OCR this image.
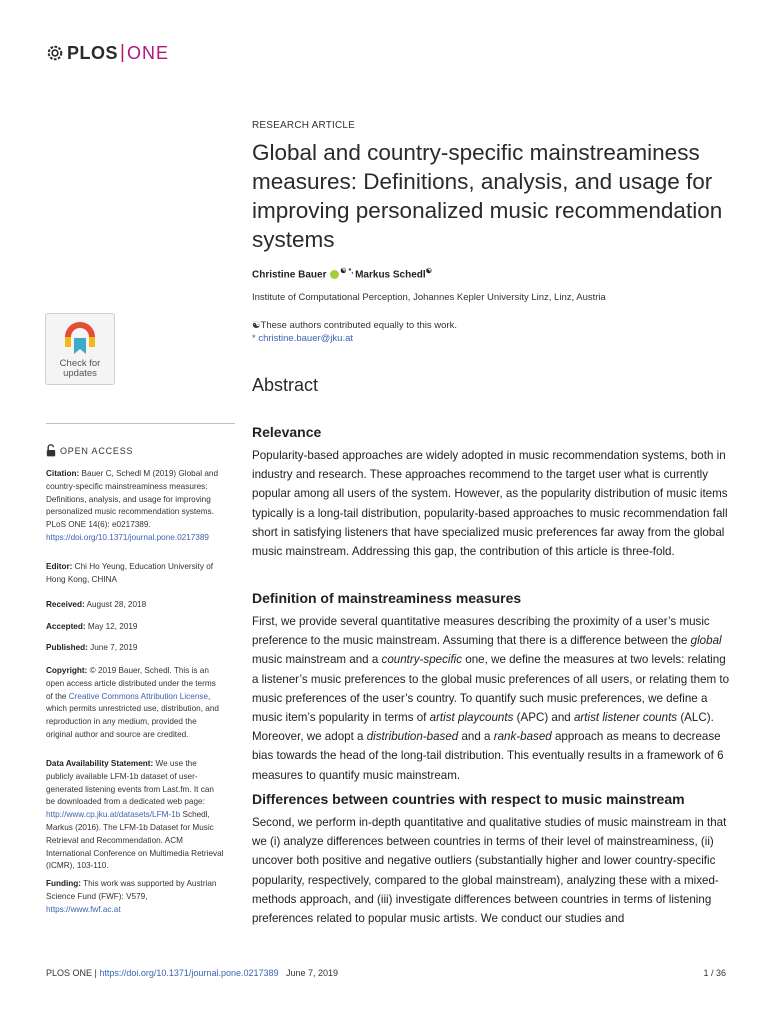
PLOS | ONE
RESEARCH ARTICLE
Global and country-specific mainstreaminess measures: Definitions, analysis, and usage for improving personalized music recommendation systems
Christine Bauer ☯ *, Markus Schedl☯
Institute of Computational Perception, Johannes Kepler University Linz, Linz, Austria
☯These authors contributed equally to this work.
* christine.bauer@jku.at
Check for
updates
OPEN ACCESS
Citation: Bauer C, Schedl M (2019) Global and country-specific mainstreaminess measures: Definitions, analysis, and usage for improving personalized music recommendation systems. PLoS ONE 14(6): e0217389. https://doi.org/10.1371/journal.pone.0217389
Editor: Chi Ho Yeung, Education University of Hong Kong, CHINA
Received: August 28, 2018
Accepted: May 12, 2019
Published: June 7, 2019
Copyright: © 2019 Bauer, Schedl. This is an open access article distributed under the terms of the Creative Commons Attribution License, which permits unrestricted use, distribution, and reproduction in any medium, provided the original author and source are credited.
Data Availability Statement: We use the publicly available LFM-1b dataset of user-generated listening events from Last.fm. It can be downloaded from a dedicated web page: http://www.cp.jku.at/datasets/LFM-1b Schedl, Markus (2016). The LFM-1b Dataset for Music Retrieval and Recommendation. ACM International Conference on Multimedia Retrieval (ICMR), 103-110.
Funding: This work was supported by Austrian Science Fund (FWF): V579, https://www.fwf.ac.at
Abstract
Relevance

Popularity-based approaches are widely adopted in music recommendation systems, both in industry and research. These approaches recommend to the target user what is currently popular among all users of the system. However, as the popularity distribution of music items typically is a long-tail distribution, popularity-based approaches to music recommendation fall short in satisfying listeners that have specialized music preferences far away from the global music mainstream. Addressing this gap, the contribution of this article is three-fold.

Definition of mainstreaminess measures

First, we provide several quantitative measures describing the proximity of a user’s music preference to the music mainstream. Assuming that there is a difference between the global music mainstream and a country-specific one, we define the measures at two levels: relating a listener’s music preferences to the global music preferences of all users, or relating them to music preferences of the user’s country. To quantify such music preferences, we define a music item’s popularity in terms of artist playcounts (APC) and artist listener counts (ALC). Moreover, we adopt a distribution-based and a rank-based approach as means to decrease bias towards the head of the long-tail distribution. This eventually results in a framework of 6 measures to quantify music mainstream.

Differences between countries with respect to music mainstream

Second, we perform in-depth quantitative and qualitative studies of music mainstream in that we (i) analyze differences between countries in terms of their level of mainstreaminess, (ii) uncover both positive and negative outliers (substantially higher and lower country-specific popularity, respectively, compared to the global mainstream), analyzing these with a mixed-methods approach, and (iii) investigate differences between countries in terms of listening preferences related to popular music artists. We conduct our studies and

PLOS ONE | https://doi.org/10.1371/journal.pone.0217389   June 7, 2019	1 / 36
